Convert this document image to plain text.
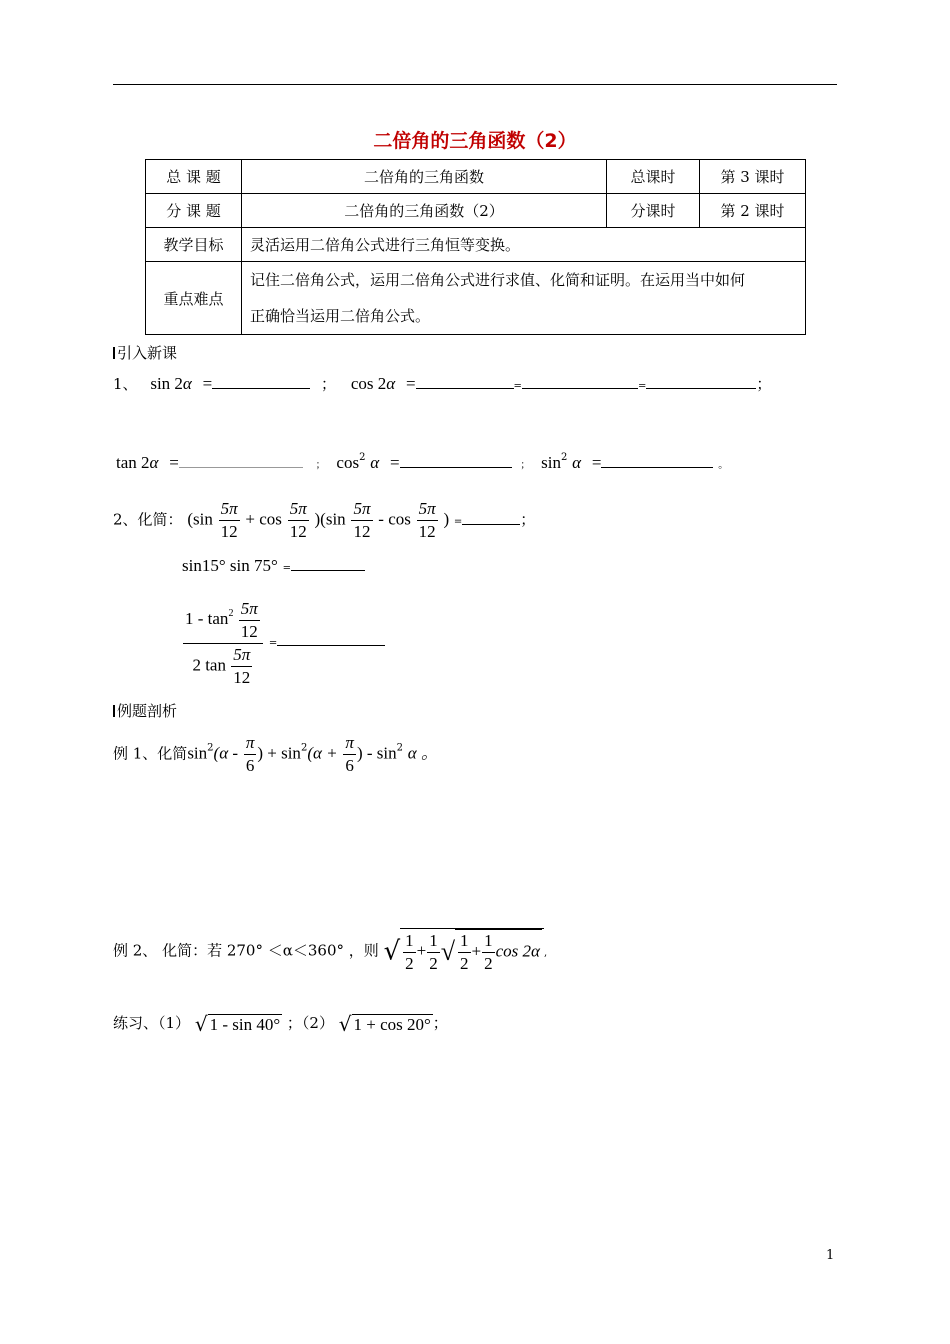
二倍角的三角函数（2）
总 课 题	二倍角的三角函数	总课时	第 3 课时
分 课 题	二倍角的三角函数（2）	分课时	第 2 课时
教学目标	灵活运用二倍角公式进行三角恒等变换。		
重点难点	记住二倍角公式，运用二倍角公式进行求值、化简和证明。在运用当中如何
正确恰当运用二倍角公式。		
引入新课
1、 sin 2α =	； cos 2α =	=	=	；
tan 2α =	； $\cos^2 \alpha$ =	； $\sin^2 \alpha$ =	。
2、化简： $(\sin \frac{5\pi}{12} + \cos \frac{5\pi}{12} )(\sin \frac{5\pi}{12} - \cos \frac{5\pi}{12}$ ) =	；
sin15° sin 75° =
$\frac{1 - \tan^2 \frac{5\pi}{12}}{2 \tan \frac{5\pi}{12}}$ =
例题剖析
例 1、化简$\sin^2(\alpha - \frac{\pi}{6}$ ) + $\sin^2(\alpha + \frac{\pi}{6}$ ) - $\sin^2 \alpha$ 。
例 2、 化简：若 270° ＜α＜360° ，则 √ $\frac{1}{2} + \frac{1}{2}$ √ $\frac{1}{2} + \frac{1}{2}$ cos 2α ,
练习、（1） √ 1 - sin 40° ；（2） √ 1 + cos 20° ；
1
